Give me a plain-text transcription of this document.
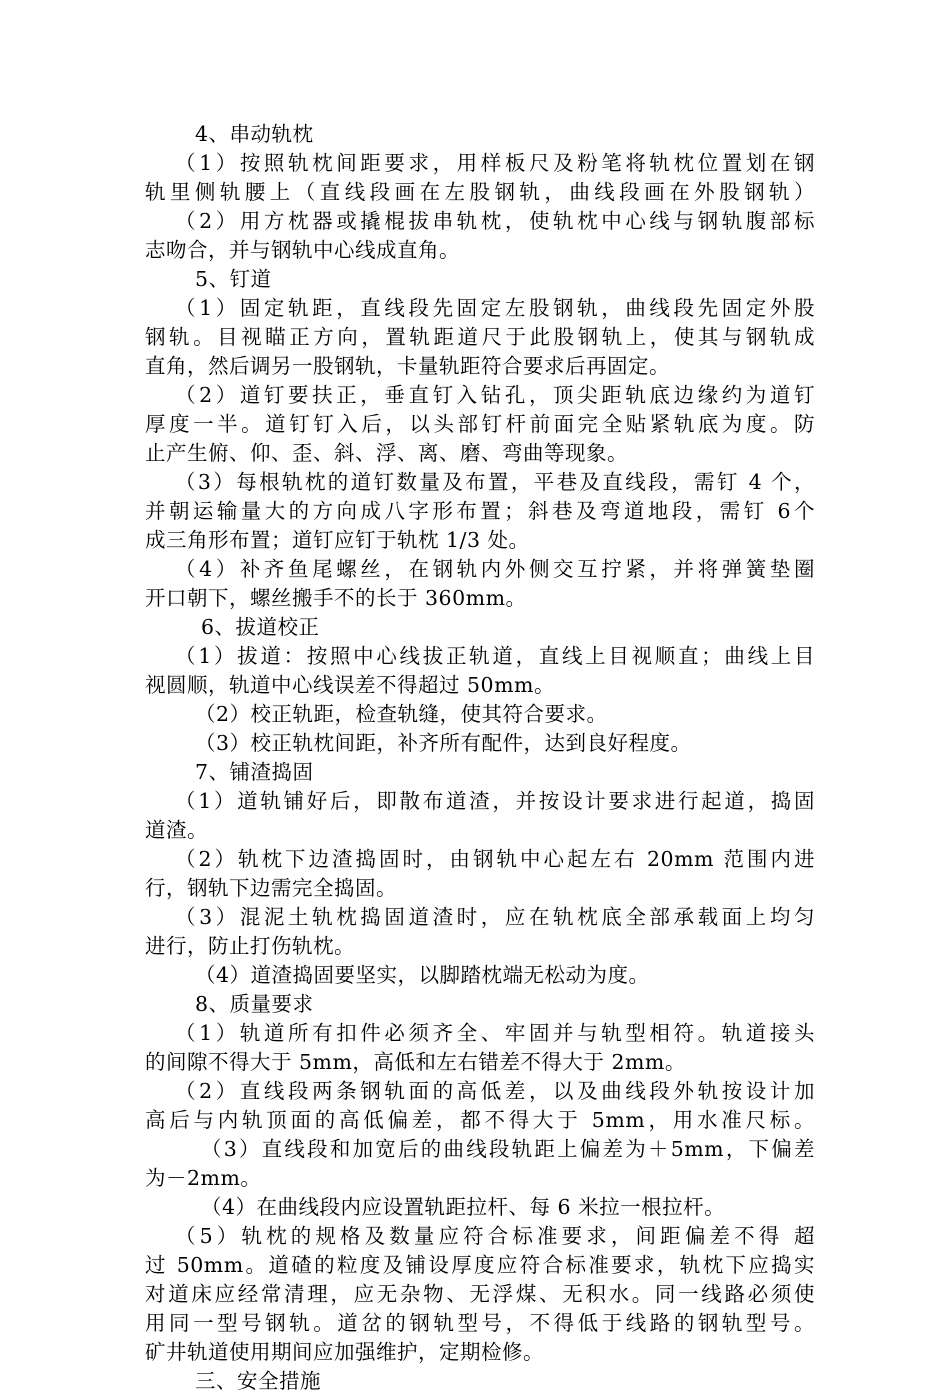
4、串动轨枕
（1）按照轨枕间距要求，用样板尺及粉笔将轨枕位置划在钢
轨里侧轨腰上（直线段画在左股钢轨，曲线段画在外股钢轨）
（2）用方枕器或撬棍拔串轨枕，使轨枕中心线与钢轨腹部标
志吻合，并与钢轨中心线成直角。
5、钉道
（1）固定轨距，直线段先固定左股钢轨，曲线段先固定外股
钢轨。目视瞄正方向，置轨距道尺于此股钢轨上，使其与钢轨成
直角，然后调另一股钢轨，卡量轨距符合要求后再固定。
（2）道钉要扶正，垂直钉入钻孔，顶尖距轨底边缘约为道钉
厚度一半。道钉钉入后，以头部钉杆前面完全贴紧轨底为度。防
止产生俯、仰、歪、斜、浮、离、磨、弯曲等现象。
（3）每根轨枕的道钉数量及布置，平巷及直线段，需钉 4 个，
并朝运输量大的方向成八字形布置；斜巷及弯道地段，需钉 6个
成三角形布置；道钉应钉于轨枕 1/3 处。
（4）补齐鱼尾螺丝，在钢轨内外侧交互拧紧，并将弹簧垫圈
开口朝下，螺丝搬手不的长于 360mm。
6、拔道校正
（1）拔道：按照中心线拔正轨道，直线上目视顺直；曲线上目
视圆顺，轨道中心线误差不得超过 50mm。
（2）校正轨距，检查轨缝，使其符合要求。
（3）校正轨枕间距，补齐所有配件，达到良好程度。
7、铺渣捣固
（1）道轨铺好后，即散布道渣，并按设计要求进行起道，捣固
道渣。
（2）轨枕下边渣捣固时，由钢轨中心起左右 20mm 范围内进
行，钢轨下边需完全捣固。
（3）混泥土轨枕捣固道渣时，应在轨枕底全部承载面上均匀
进行，防止打伤轨枕。
（4）道渣捣固要坚实，以脚踏枕端无松动为度。
8、质量要求
（1）轨道所有扣件必须齐全、牢固并与轨型相符。轨道接头
的间隙不得大于 5mm，高低和左右错差不得大于 2mm。
（2）直线段两条钢轨面的高低差，以及曲线段外轨按设计加
高后与内轨顶面的高低偏差，都不得大于 5mm，用水准尺标。
（3）直线段和加宽后的曲线段轨距上偏差为＋5mm，下偏差
为－2mm。
（4）在曲线段内应设置轨距拉杆、每 6 米拉一根拉杆。
（5）轨枕的规格及数量应符合标准要求，间距偏差不得 超
过 50mm。道碴的粒度及铺设厚度应符合标准要求，轨枕下应捣实
对道床应经常清理，应无杂物、无浮煤、无积水。同一线路必须使
用同一型号钢轨。道岔的钢轨型号，不得低于线路的钢轨型号。
矿井轨道使用期间应加强维护，定期检修。
三、安全措施
